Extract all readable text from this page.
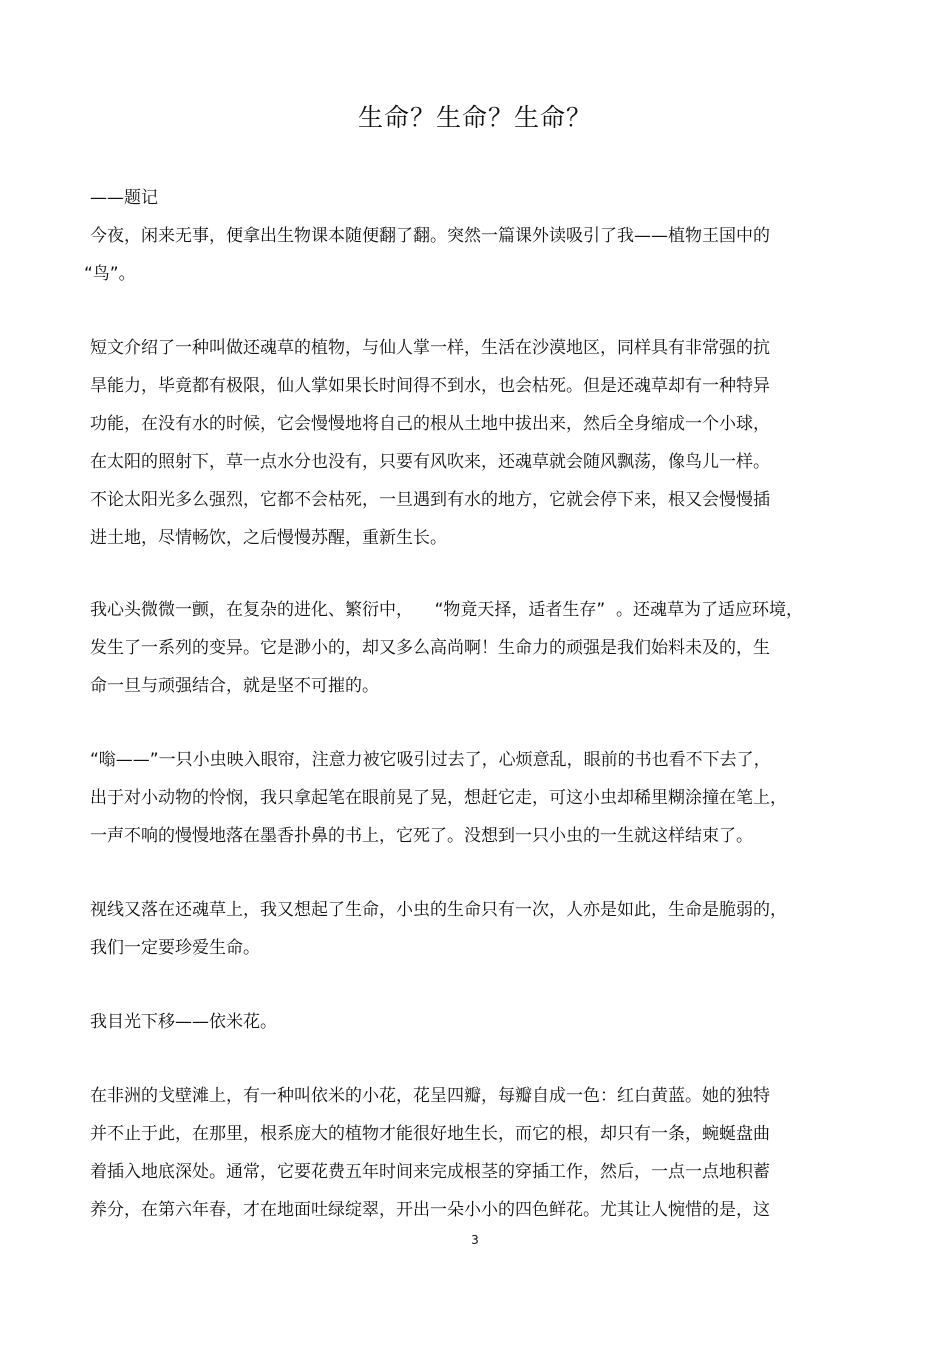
生命？生命？生命？
——题记
今夜，闲来无事，便拿出生物课本随便翻了翻。突然一篇课外读吸引了我——植物王国中的
“鸟”。
短文介绍了一种叫做还魂草的植物，与仙人掌一样，生活在沙漠地区，同样具有非常强的抗
旱能力，毕竟都有极限，仙人掌如果长时间得不到水，也会枯死。但是还魂草却有一种特异
功能，在没有水的时候，它会慢慢地将自己的根从土地中拔出来，然后全身缩成一个小球，
在太阳的照射下，草一点水分也没有，只要有风吹来，还魂草就会随风飘荡，像鸟儿一样。
不论太阳光多么强烈，它都不会枯死，一旦遇到有水的地方，它就会停下来，根又会慢慢插
进土地，尽情畅饮，之后慢慢苏醒，重新生长。
我心头微微一颤，在复杂的进化、繁衍中，    “物竟天择，适者生存”  。还魂草为了适应环境，
发生了一系列的变异。它是渺小的，却又多么高尚啊！生命力的顽强是我们始料未及的，生
命一旦与顽强结合，就是坚不可摧的。
“嗡——”一只小虫映入眼帘，注意力被它吸引过去了，心烦意乱，眼前的书也看不下去了，
出于对小动物的怜悯，我只拿起笔在眼前晃了晃，想赶它走，可这小虫却稀里糊涂撞在笔上，
一声不响的慢慢地落在墨香扑鼻的书上，它死了。没想到一只小虫的一生就这样结束了。
视线又落在还魂草上，我又想起了生命，小虫的生命只有一次，人亦是如此，生命是脆弱的，
我们一定要珍爱生命。
我目光下移——依米花。
在非洲的戈壁滩上，有一种叫依米的小花，花呈四瓣，每瓣自成一色：红白黄蓝。她的独特
并不止于此，在那里，根系庞大的植物才能很好地生长，而它的根，却只有一条，蜿蜒盘曲
着插入地底深处。通常，它要花费五年时间来完成根茎的穿插工作，然后，一点一点地积蓄
养分，在第六年春，才在地面吐绿绽翠，开出一朵小小的四色鲜花。尤其让人惋惜的是，这
3
